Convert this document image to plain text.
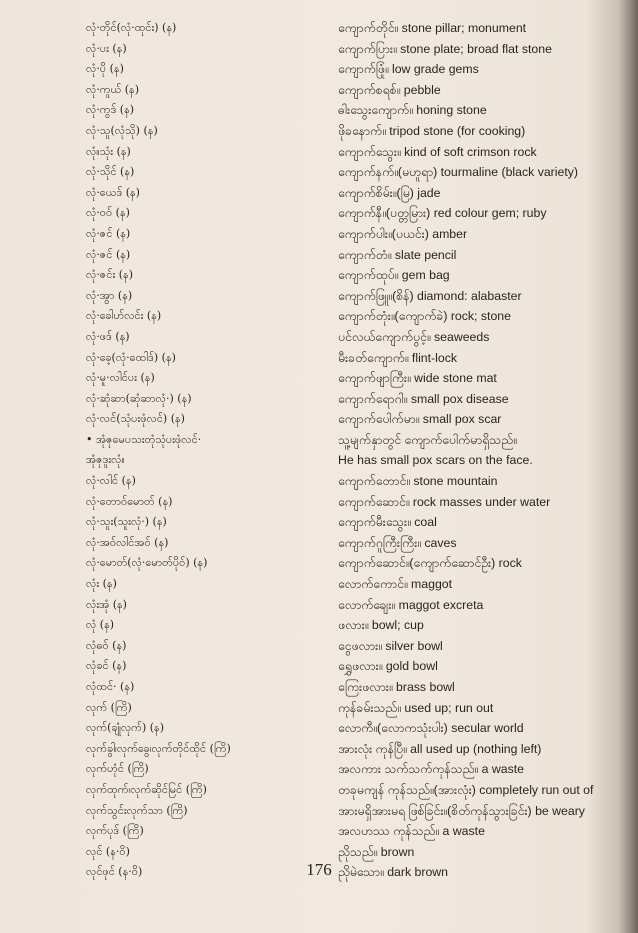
လုံ·တိုင်(လုံ·ထုင်း) (န)
လုံ·ပး (န)
လုံ·ပို (န)
လုံ·ကူယ် (န)
လုံ·ကွဒ် (န)
လုံ·သူ(လုံသို) (န)
လုံ။သုံး (န)
လုံ·သိုင် (န)
လုံ·ယေဒ် (န)
လုံ·ဝဝ် (န)
လုံ·ဇင် (န)
လုံ·ဇင် (န)
လုံ·ဇင်း (န)
လုံ·အွာ (န)
လုံ·ခေါဟ်လင်း (န)
လုံ·ဖဒ် (န)
လုံ·ခေ့(လုံ·ထေါဒ်) (န)
လုံ·မူ·လါင်ပး (န)
လုံ·ဆုံဆာ(ဆုံဆာလုံ·) (န)
လုံ·လင်(သုံပးဖုံလင်) (န)
• အုံဇုမေပသးတုံသုံပးဖုံလင်·
အုံဇုဒူးလုံ။
လုံ·လါင် (န)
လုံ·တောဝ်မောတ် (န)
လုံ·သူး(သူးလုံ·) (န)
လုံ·အဝ်လါင်အဝ် (န)
လုံ·မောတ်(လုံ·မောတ်ပိုဝ်) (န)
လုံး (န)
လုံးအုံ (န)
လုံ (န)
လုံဓဝ် (န)
လုံခင် (န)
လုံထင်· (န)
လုက် (ကြိ)
လုက်(ချုံလုက်) (န)
လုက်ခွါ၊လုက်ခွေ၊လုက်တိုင်ထိုင် (ကြိ)
လုက်ဟုံင် (ကြိ)
လုက်ထုက်၊လုက်ဆိုင်မြင် (ကြိ)
လုက်သွင်းလုက်သာ (ကြိ)
လုက်ပုဒ် (ကြိ)
လုင် (န·ဝိ)
လုင်ဖုင် (န·ဝိ)
ကျောက်တိုင်။ stone pillar; monument
ကျောက်ပြား။ stone plate; broad flat stone
ကျောက်ဖြုံ။ low grade gems
ကျောက်စရစ်။ pebble
ဓါးသွေးကျောက်။ honing stone
ဖိုခနောက်။ tripod stone (for cooking)
ကျောက်သွေး။ kind of soft crimson rock
ကျောက်နက်။(မဟူရာ) tourmaline (black variety)
ကျောက်စိမ်း။(မြ) jade
ကျောက်နီ။(ပတ္တမြား) red colour gem; ruby
ကျောက်ပါး။(ပယင်း) amber
ကျောက်တံ။ slate pencil
ကျောက်ထုပ်။ gem bag
ကျောက်ဖြူ။(စိန်) diamond: alabaster
ကျောက်တုံး။(ကျောက်ခဲ) rock; stone
ပင်လယ်ကျောက်ပွင့်။ seaweeds
မီးခတ်ကျောက်။ flint-lock
ကျောက်ဖျာကြီး။ wide stone mat
ကျောက်ရောဂါ။ small pox disease
ကျောက်ပေါက်မာ။ small pox scar
သူ့မျက်နှာတွင် ကျောက်ပေါက်မာရှိသည်။
He has small pox scars on the face.
ကျောက်တောင်။ stone mountain
ကျောက်ဆောင်။ rock masses under water
ကျောက်မီးသွေး။ coal
ကျောက်ဂူကြီးကြီး။ caves
ကျောက်ဆောင်။(ကျောက်ဆောင်ဦး) rock
လောက်ကောင်။ maggot
လောက်ချေး။ maggot excreta
ဖလား။ bowl; cup
ငွေဖလား။ silver bowl
ရွှေဖလား။ gold bowl
ကြေးဖလား။ brass bowl
ကုန်ခမ်းသည်။ used up; run out
လောကီ။(လောကသုံးပါး) secular world
အားလုံး ကုန်ပြီ။ all used up (nothing left)
အလကား သက်သက်ကုန်သည်။ a waste
တခုမကျန် ကုန်သည်။(အားလုံး) completely run out of
အားမရှိအားမရ ဖြစ်ခြင်း။(စိတ်ကုန်သွားခြင်း) be weary
အလဟဿ ကုန်သည်။ a waste
ညိုသည်။ brown
ညိုမဲသော။ dark brown
176
